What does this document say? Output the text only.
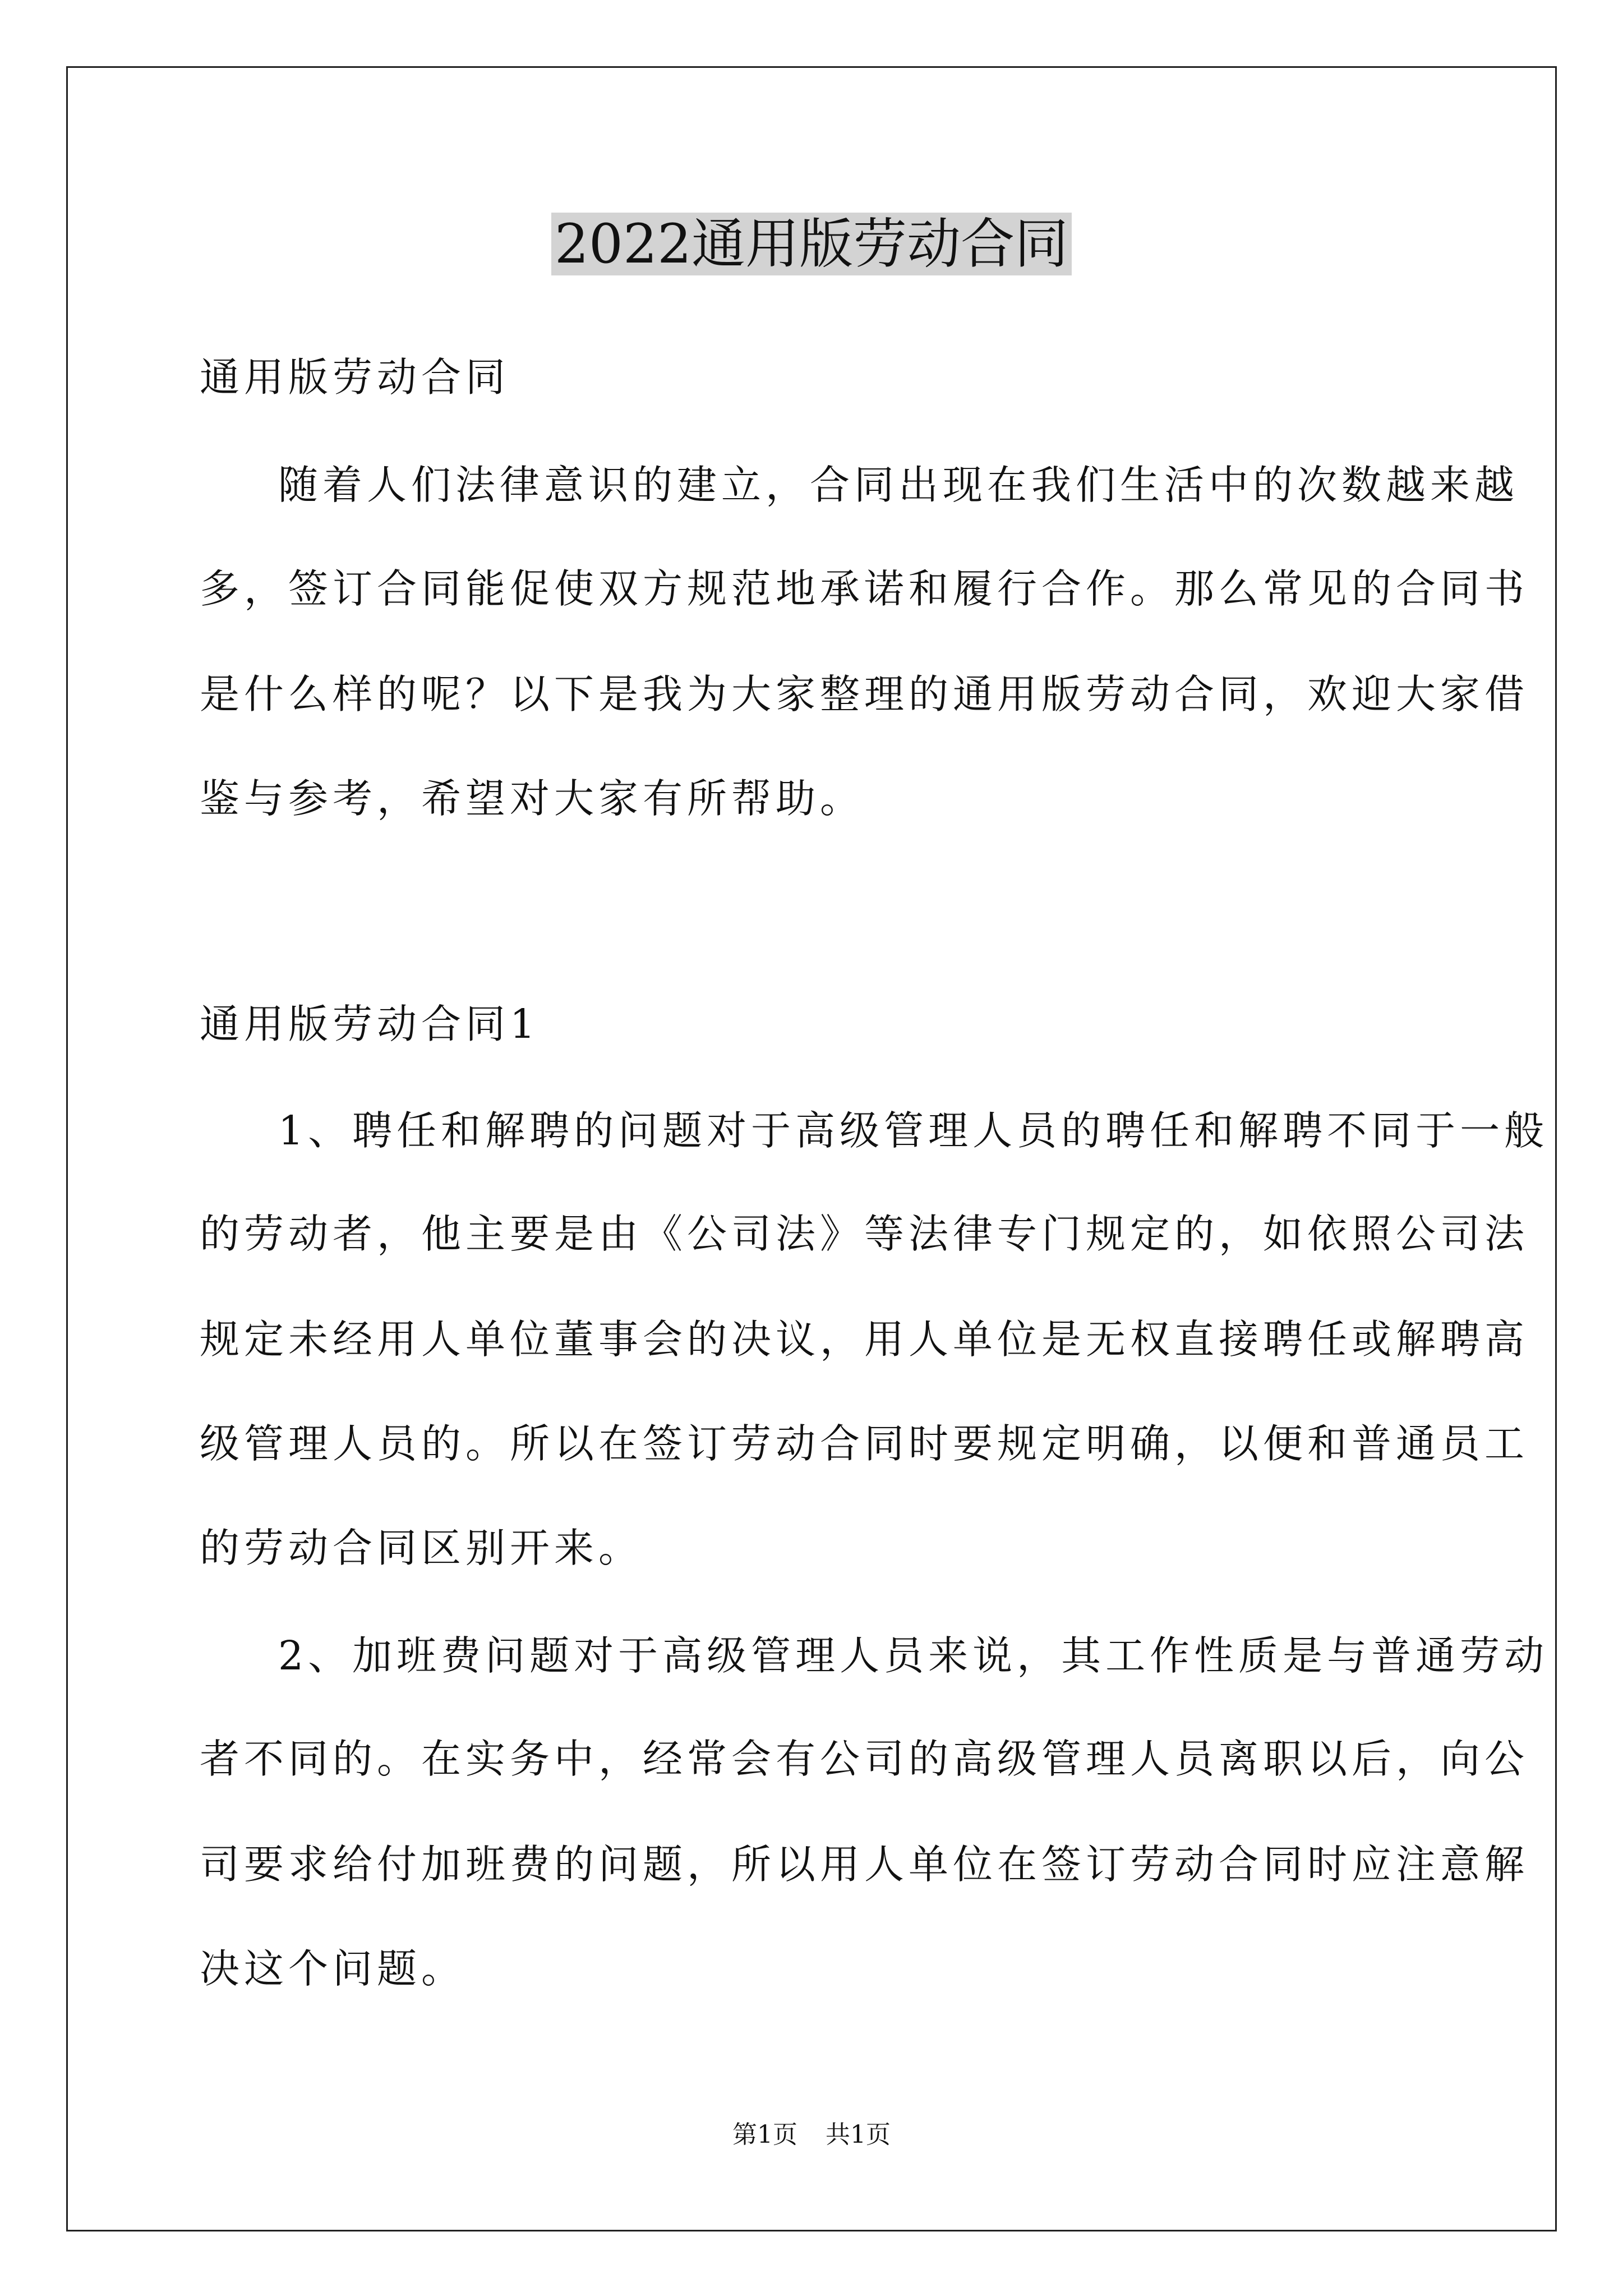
2022通用版劳动合同
通用版劳动合同
随着人们法律意识的建立，合同出现在我们生活中的次数越来越
多，签订合同能促使双方规范地承诺和履行合作。那么常见的合同书
是什么样的呢？以下是我为大家整理的通用版劳动合同，欢迎大家借
鉴与参考，希望对大家有所帮助。
通用版劳动合同1
1、聘任和解聘的问题对于高级管理人员的聘任和解聘不同于一般
的劳动者，他主要是由《公司法》等法律专门规定的，如依照公司法
规定未经用人单位董事会的决议，用人单位是无权直接聘任或解聘高
级管理人员的。所以在签订劳动合同时要规定明确，以便和普通员工
的劳动合同区别开来。
2、加班费问题对于高级管理人员来说，其工作性质是与普通劳动
者不同的。在实务中，经常会有公司的高级管理人员离职以后，向公
司要求给付加班费的问题，所以用人单位在签订劳动合同时应注意解
决这个问题。
第1页 共1页
